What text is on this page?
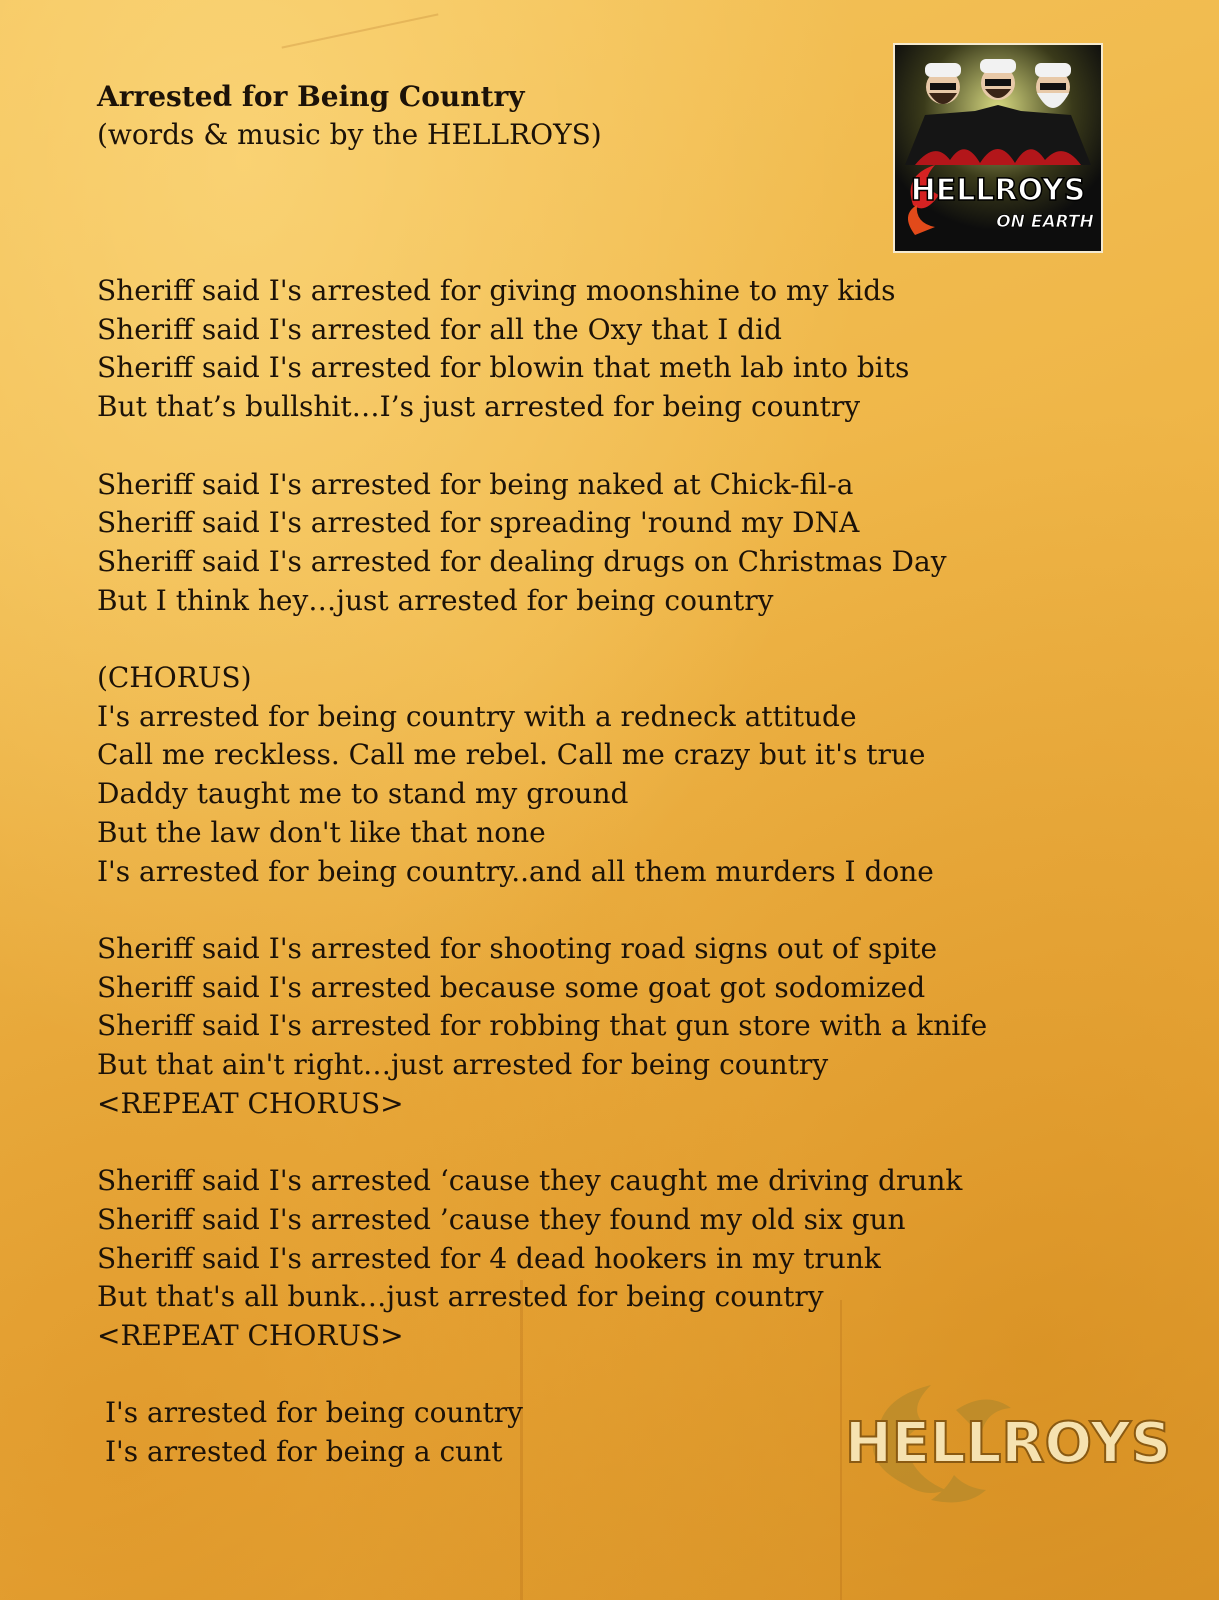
Arrested for Being Country

(words & music by the HELLROYS)

HELLROYS
ON EARTH
Sheriff said I's arrested for giving moonshine to my kids
Sheriff said I's arrested for all the Oxy that I did
Sheriff said I's arrested for blowin that meth lab into bits
But that’s bullshit…I’s just arrested for being country
Sheriff said I's arrested for being naked at Chick-fil-a
Sheriff said I's arrested for spreading 'round my DNA
Sheriff said I's arrested for dealing drugs on Christmas Day
But I think hey…just arrested for being country
(CHORUS)
I's arrested for being country with a redneck attitude
Call me reckless. Call me rebel. Call me crazy but it's true
Daddy taught me to stand my ground
But the law don't like that none
I's arrested for being country..and all them murders I done
Sheriff said I's arrested for shooting road signs out of spite
Sheriff said I's arrested because some goat got sodomized
Sheriff said I's arrested for robbing that gun store with a knife
But that ain't right…just arrested for being country
<REPEAT CHORUS>
Sheriff said I's arrested ‘cause they caught me driving drunk
Sheriff said I's arrested ’cause they found my old six gun
Sheriff said I's arrested for 4 dead hookers in my trunk
But that's all bunk…just arrested for being country
<REPEAT CHORUS>
I's arrested for being country
I's arrested for being a cunt	HELLROYS
